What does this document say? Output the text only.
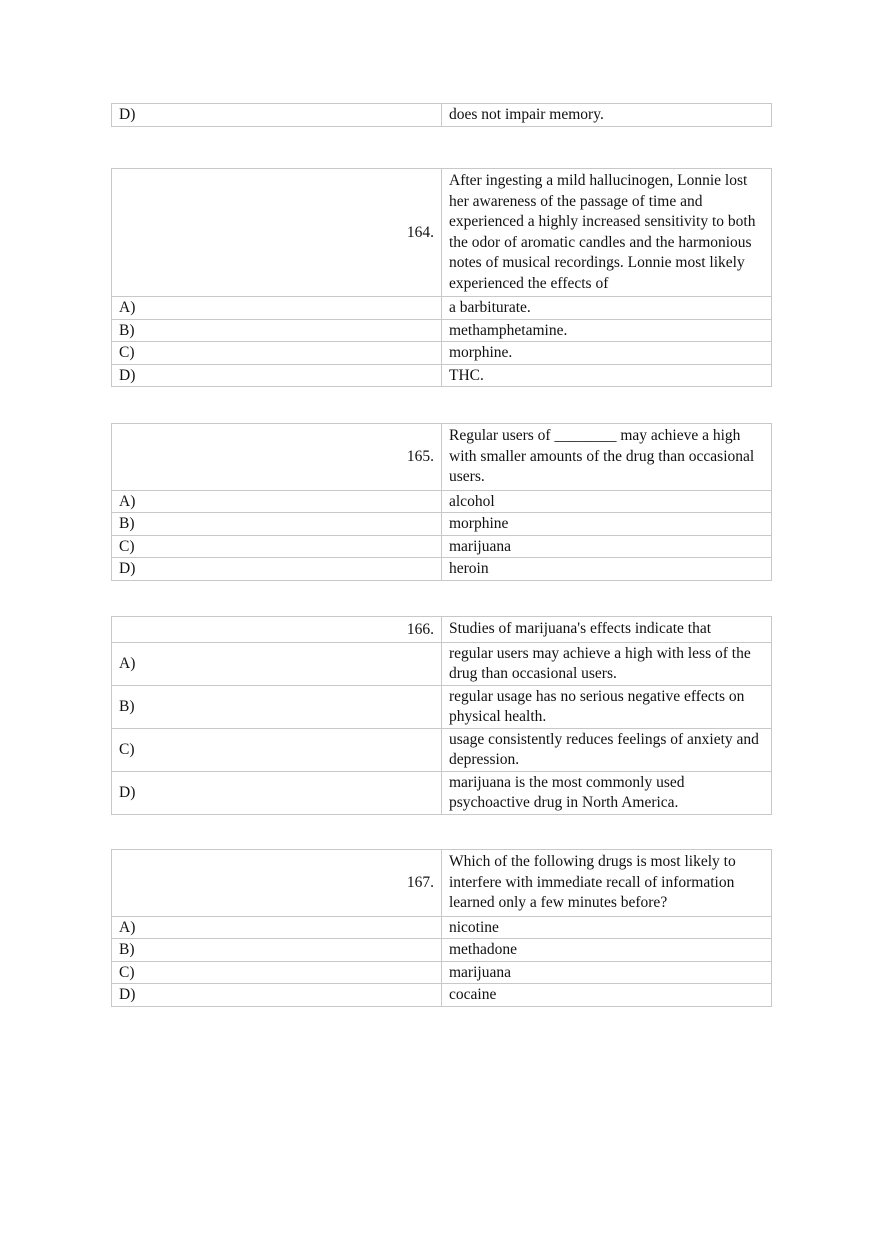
D)	does not impair memory.
164.	After ingesting a mild hallucinogen, Lonnie lost her awareness of the passage of time and experienced a highly increased sensitivity to both the odor of aromatic candles and the harmonious notes of musical recordings. Lonnie most likely experienced the effects of
A)	a barbiturate.
B)	methamphetamine.
C)	morphine.
D)	THC.
165.	Regular users of ________ may achieve a high with smaller amounts of the drug than occasional users.
A)	alcohol
B)	morphine
C)	marijuana
D)	heroin
166.	Studies of marijuana's effects indicate that
A)	regular users may achieve a high with less of the drug than occasional users.
B)	regular usage has no serious negative effects on physical health.
C)	usage consistently reduces feelings of anxiety and depression.
D)	marijuana is the most commonly used psychoactive drug in North America.
167.	Which of the following drugs is most likely to interfere with immediate recall of information learned only a few minutes before?
A)	nicotine
B)	methadone
C)	marijuana
D)	cocaine
